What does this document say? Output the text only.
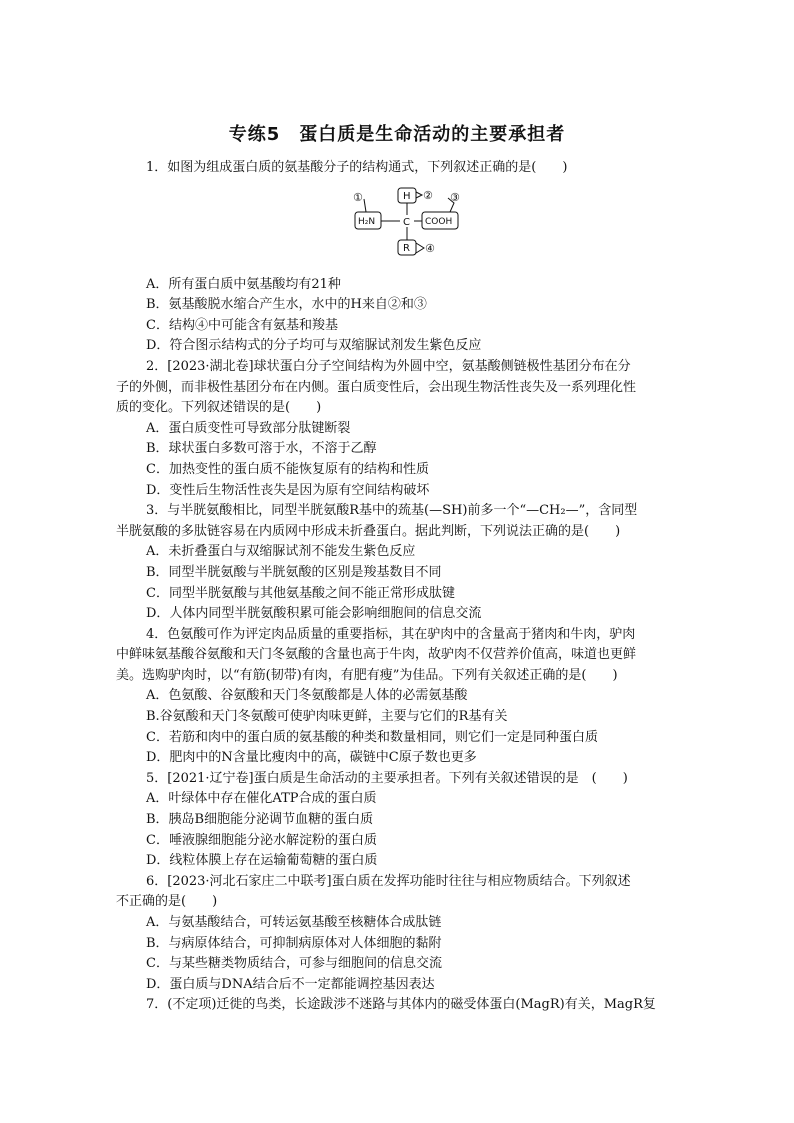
专练5　蛋白质是生命活动的主要承担者

1．如图为组成蛋白质的氨基酸分子的结构通式，下列叙述正确的是(　　)

H
C
H₂N	COOH
R
①	② ③
④

A．所有蛋白质中氨基酸均有21种

B．氨基酸脱水缩合产生水，水中的H来自②和③

C．结构④中可能含有氨基和羧基

D．符合图示结构式的分子均可与双缩脲试剂发生紫色反应

2．[2023·湖北卷]球状蛋白分子空间结构为外圆中空，氨基酸侧链极性基团分布在分

子的外侧，而非极性基团分布在内侧。蛋白质变性后，会出现生物活性丧失及一系列理化性

质的变化。下列叙述错误的是(　　)

A．蛋白质变性可导致部分肽键断裂

B．球状蛋白多数可溶于水，不溶于乙醇

C．加热变性的蛋白质不能恢复原有的结构和性质

D．变性后生物活性丧失是因为原有空间结构破坏

3．与半胱氨酸相比，同型半胱氨酸R基中的巯基(—SH)前多一个“—CH₂—”，含同型

半胱氨酸的多肽链容易在内质网中形成未折叠蛋白。据此判断，下列说法正确的是(　　)

A．未折叠蛋白与双缩脲试剂不能发生紫色反应

B．同型半胱氨酸与半胱氨酸的区别是羧基数目不同

C．同型半胱氨酸与其他氨基酸之间不能正常形成肽键

D．人体内同型半胱氨酸积累可能会影响细胞间的信息交流

4．色氨酸可作为评定肉品质量的重要指标，其在驴肉中的含量高于猪肉和牛肉，驴肉

中鲜味氨基酸谷氨酸和天门冬氨酸的含量也高于牛肉，故驴肉不仅营养价值高，味道也更鲜

美。选购驴肉时，以“有筋(韧带)有肉，有肥有瘦”为佳品。下列有关叙述正确的是(　　)

A．色氨酸、谷氨酸和天门冬氨酸都是人体的必需氨基酸

B.谷氨酸和天门冬氨酸可使驴肉味更鲜，主要与它们的R基有关

C．若筋和肉中的蛋白质的氨基酸的种类和数量相同，则它们一定是同种蛋白质

D．肥肉中的N含量比瘦肉中的高，碳链中C原子数也更多

5．[2021·辽宁卷]蛋白质是生命活动的主要承担者。下列有关叙述错误的是　(　　)

A．叶绿体中存在催化ATP合成的蛋白质

B．胰岛B细胞能分泌调节血糖的蛋白质

C．唾液腺细胞能分泌水解淀粉的蛋白质

D．线粒体膜上存在运输葡萄糖的蛋白质

6．[2023·河北石家庄二中联考]蛋白质在发挥功能时往往与相应物质结合。下列叙述

不正确的是(　　)

A．与氨基酸结合，可转运氨基酸至核糖体合成肽链

B．与病原体结合，可抑制病原体对人体细胞的黏附

C．与某些糖类物质结合，可参与细胞间的信息交流

D．蛋白质与DNA结合后不一定都能调控基因表达

7．(不定项)迁徙的鸟类，长途跋涉不迷路与其体内的磁受体蛋白(MagR)有关，MagR复
